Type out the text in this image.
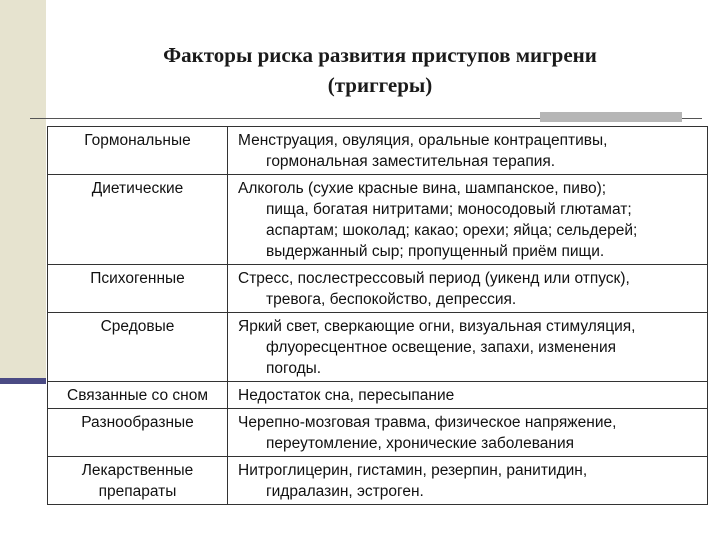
Факторы риска развития приступов мигрени
(триггеры)
Гормональные	Менструация, овуляция, оральные контрацептивы,
гормональная заместительная терапия.

Диетические	Алкоголь (сухие красные вина, шампанское, пиво);
пища, богатая нитритами; моносодовый глютамат;
аспартам; шоколад; какао; орехи; яйца; сельдерей;
выдержанный сыр; пропущенный приём пищи.

Психогенные	Стресс, послестрессовый период (уикенд или отпуск),
тревога, беспокойство, депрессия.

Средовые	Яркий свет, сверкающие огни, визуальная стимуляция,
флуоресцентное освещение, запахи, изменения
погоды.

Связанные со сном	Недостаток сна, пересыпание

Разнообразные	Черепно-мозговая травма, физическое напряжение,
переутомление, хронические заболевания

Лекарственные препараты	Нитроглицерин, гистамин, резерпин, ранитидин,
гидралазин, эстроген.
